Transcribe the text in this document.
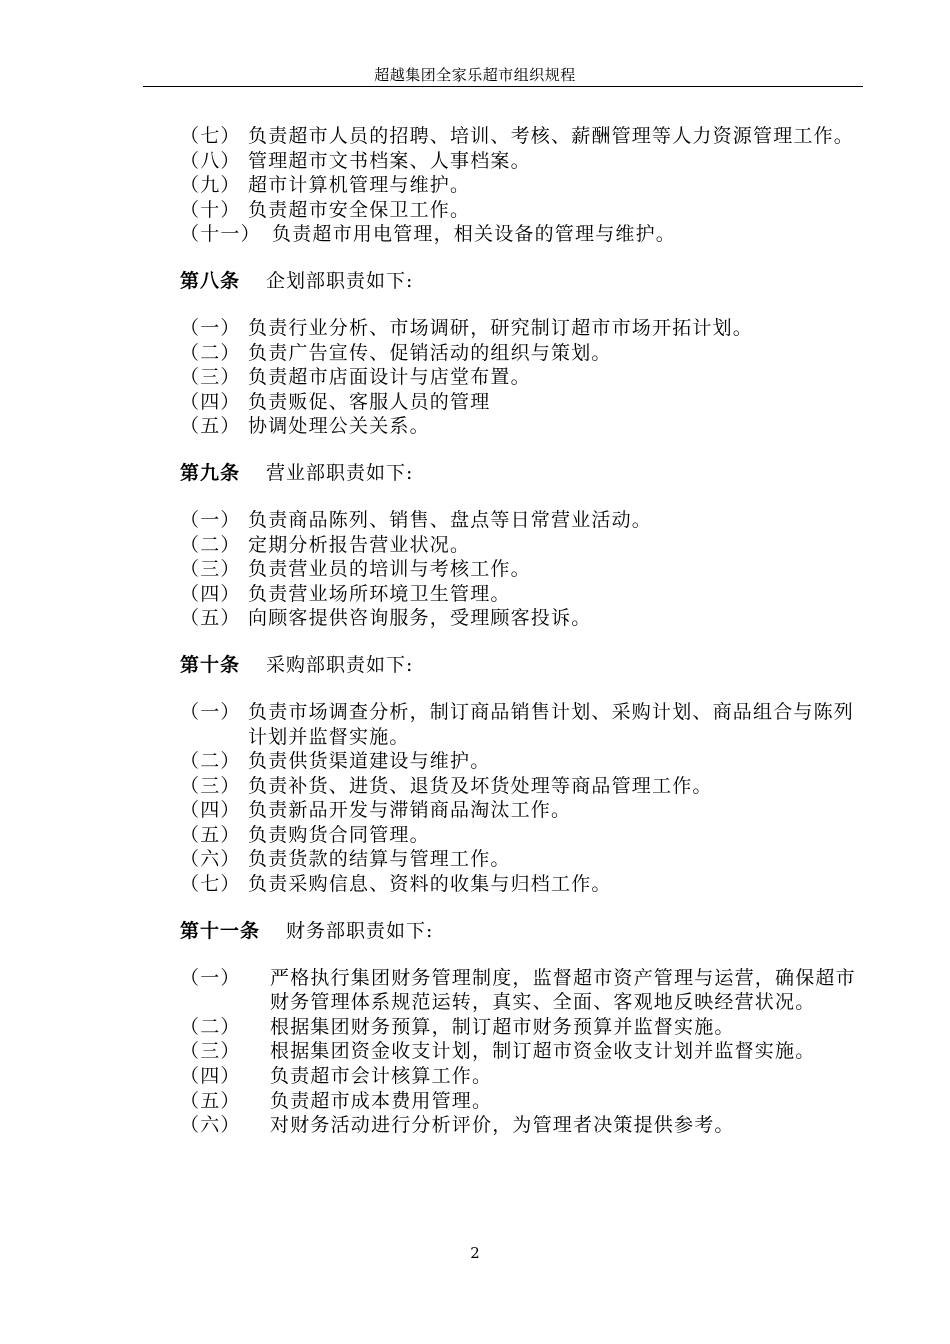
超越集团全家乐超市组织规程
（七） 负责超市人员的招聘、培训、考核、薪酬管理等人力资源管理工作。
（八） 管理超市文书档案、人事档案。
（九） 超市计算机管理与维护。
（十） 负责超市安全保卫工作。
（十一） 负责超市用电管理，相关设备的管理与维护。
第八条 企划部职责如下:
（一） 负责行业分析、市场调研，研究制订超市市场开拓计划。
（二） 负责广告宣传、促销活动的组织与策划。
（三） 负责超市店面设计与店堂布置。
（四） 负责贩促、客服人员的管理
（五） 协调处理公关关系。
第九条 营业部职责如下:
（一） 负责商品陈列、销售、盘点等日常营业活动。
（二） 定期分析报告营业状况。
（三） 负责营业员的培训与考核工作。
（四） 负责营业场所环境卫生管理。
（五） 向顾客提供咨询服务，受理顾客投诉。
第十条 采购部职责如下:
（一） 负责市场调查分析，制订商品销售计划、采购计划、商品组合与陈列计划并监督实施。
（二） 负责供货渠道建设与维护。
（三） 负责补货、进货、退货及坏货处理等商品管理工作。
（四） 负责新品开发与滞销商品淘汰工作。
（五） 负责购货合同管理。
（六） 负责货款的结算与管理工作。
（七） 负责采购信息、资料的收集与归档工作。
第十一条 财务部职责如下:
（一） 严格执行集团财务管理制度，监督超市资产管理与运营，确保超市财务管理体系规范运转，真实、全面、客观地反映经营状况。
（二） 根据集团财务预算，制订超市财务预算并监督实施。
（三） 根据集团资金收支计划，制订超市资金收支计划并监督实施。
（四） 负责超市会计核算工作。
（五） 负责超市成本费用管理。
（六） 对财务活动进行分析评价，为管理者决策提供参考。
2
